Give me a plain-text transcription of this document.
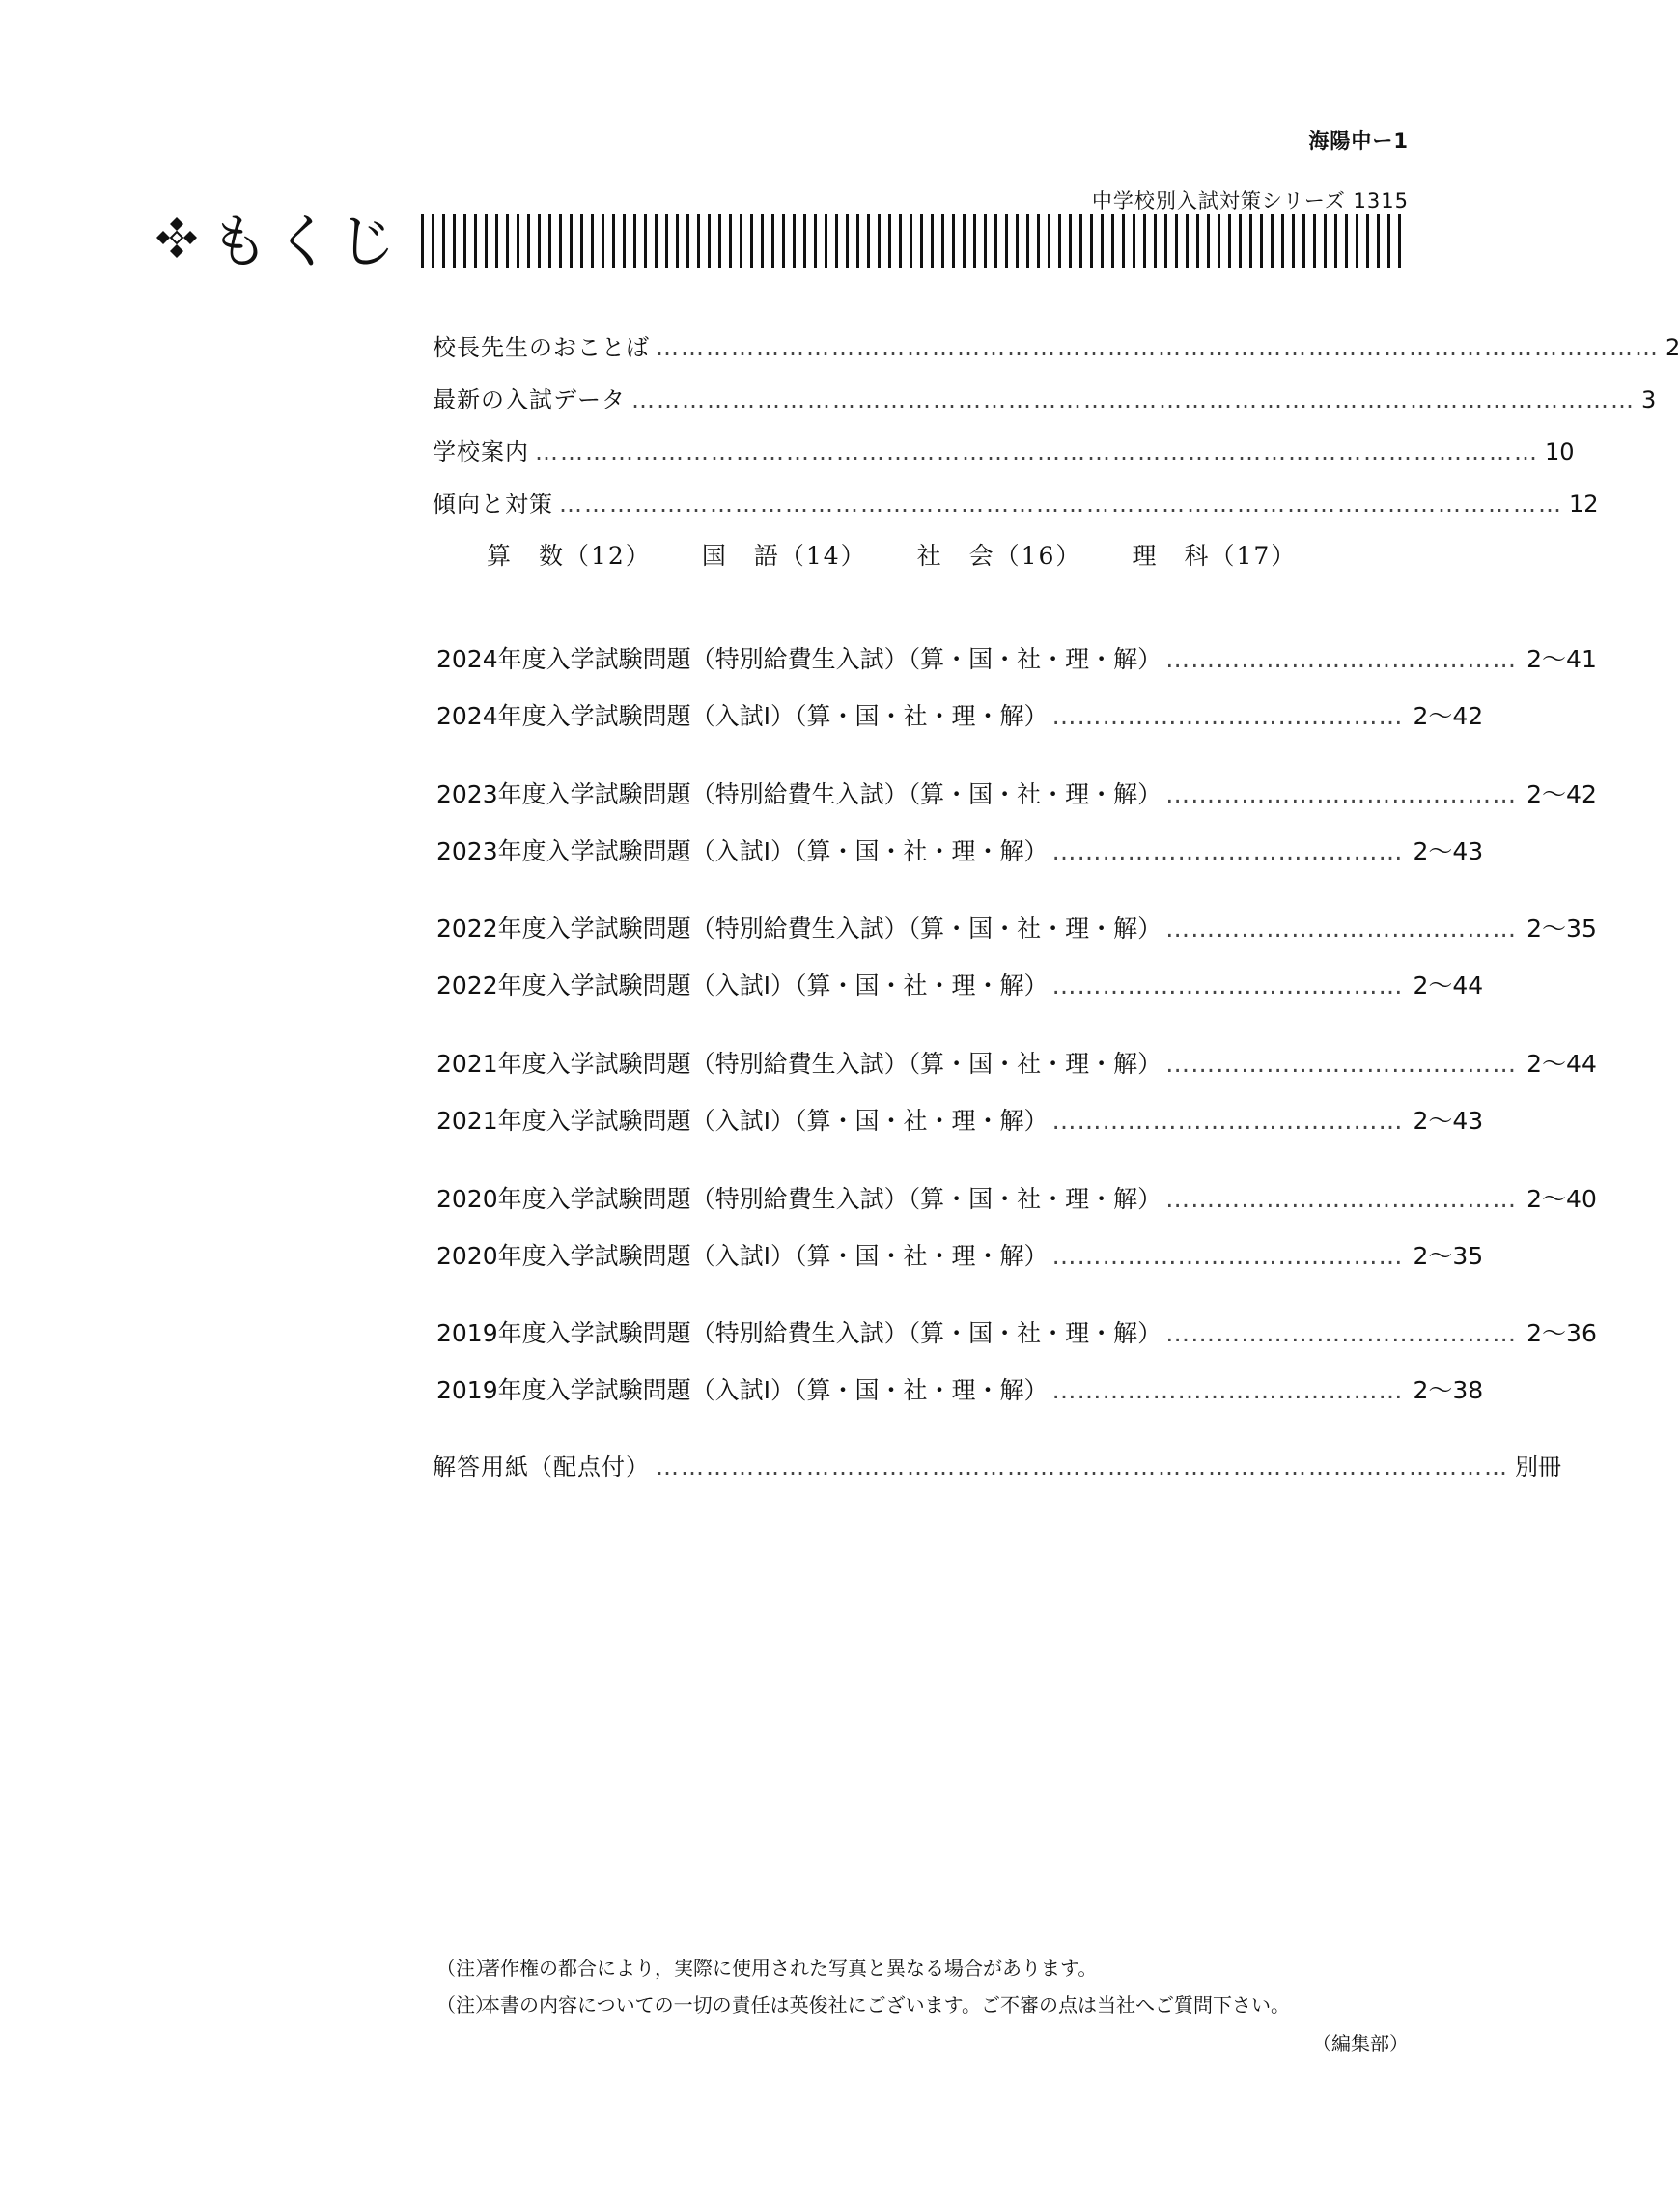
海陽中ー1
中学校別入試対策シリーズ 1315
もくじ
校長先生のおことば ………………………………………………………………………………………………………… 2
最新の入試データ ………………………………………………………………………………………………………… 3
学校案内 ………………………………………………………………………………………………………… 10
傾向と対策 ………………………………………………………………………………………………………… 12
算　数（12） 国　語（14） 社　会（16） 理　科（17）
2024年度入学試験問題（特別給費生入試）（算・国・社・理・解） …………………………………… 2〜41
2024年度入学試験問題（入試Ⅰ）（算・国・社・理・解） …………………………………… 2〜42
2023年度入学試験問題（特別給費生入試）（算・国・社・理・解） …………………………………… 2〜42
2023年度入学試験問題（入試Ⅰ）（算・国・社・理・解） …………………………………… 2〜43
2022年度入学試験問題（特別給費生入試）（算・国・社・理・解） …………………………………… 2〜35
2022年度入学試験問題（入試Ⅰ）（算・国・社・理・解） …………………………………… 2〜44
2021年度入学試験問題（特別給費生入試）（算・国・社・理・解） …………………………………… 2〜44
2021年度入学試験問題（入試Ⅰ）（算・国・社・理・解） …………………………………… 2〜43
2020年度入学試験問題（特別給費生入試）（算・国・社・理・解） …………………………………… 2〜40
2020年度入学試験問題（入試Ⅰ）（算・国・社・理・解） …………………………………… 2〜35
2019年度入学試験問題（特別給費生入試）（算・国・社・理・解） …………………………………… 2〜36
2019年度入学試験問題（入試Ⅰ）（算・国・社・理・解） …………………………………… 2〜38
解答用紙（配点付） ………………………………………………………………………………………… 別冊
（注）著作権の都合により，実際に使用された写真と異なる場合があります。
（注）本書の内容についての一切の責任は英俊社にございます。ご不審の点は当社へご質問下さい。
（編集部）
